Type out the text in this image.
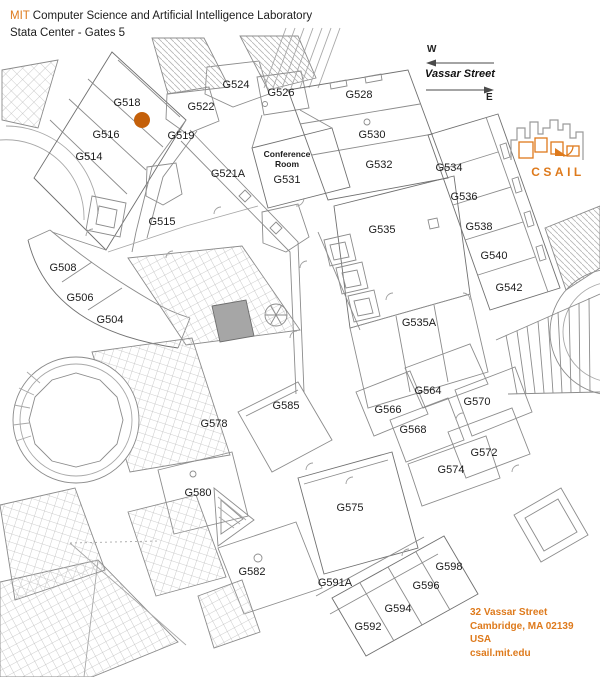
MIT Computer Science and Artificial Intelligence Laboratory
Stata Center - Gates 5
W
E
Vassar Street
CSAIL
32 Vassar Street
Cambridge, MA 02139
USA
csail.mit.edu
Conference
Room
G518
G516
G514
G519
G522
G524
G526	G528
G530
G532	G534
G536
G538
G540
G542
G521A
G515
G531
G535
G535A
G508
G506
G504
G585
G578
G564
G566
G570
G568
G572
G574
G580
G575
G582
G591A
G598
G596
G594
G592
